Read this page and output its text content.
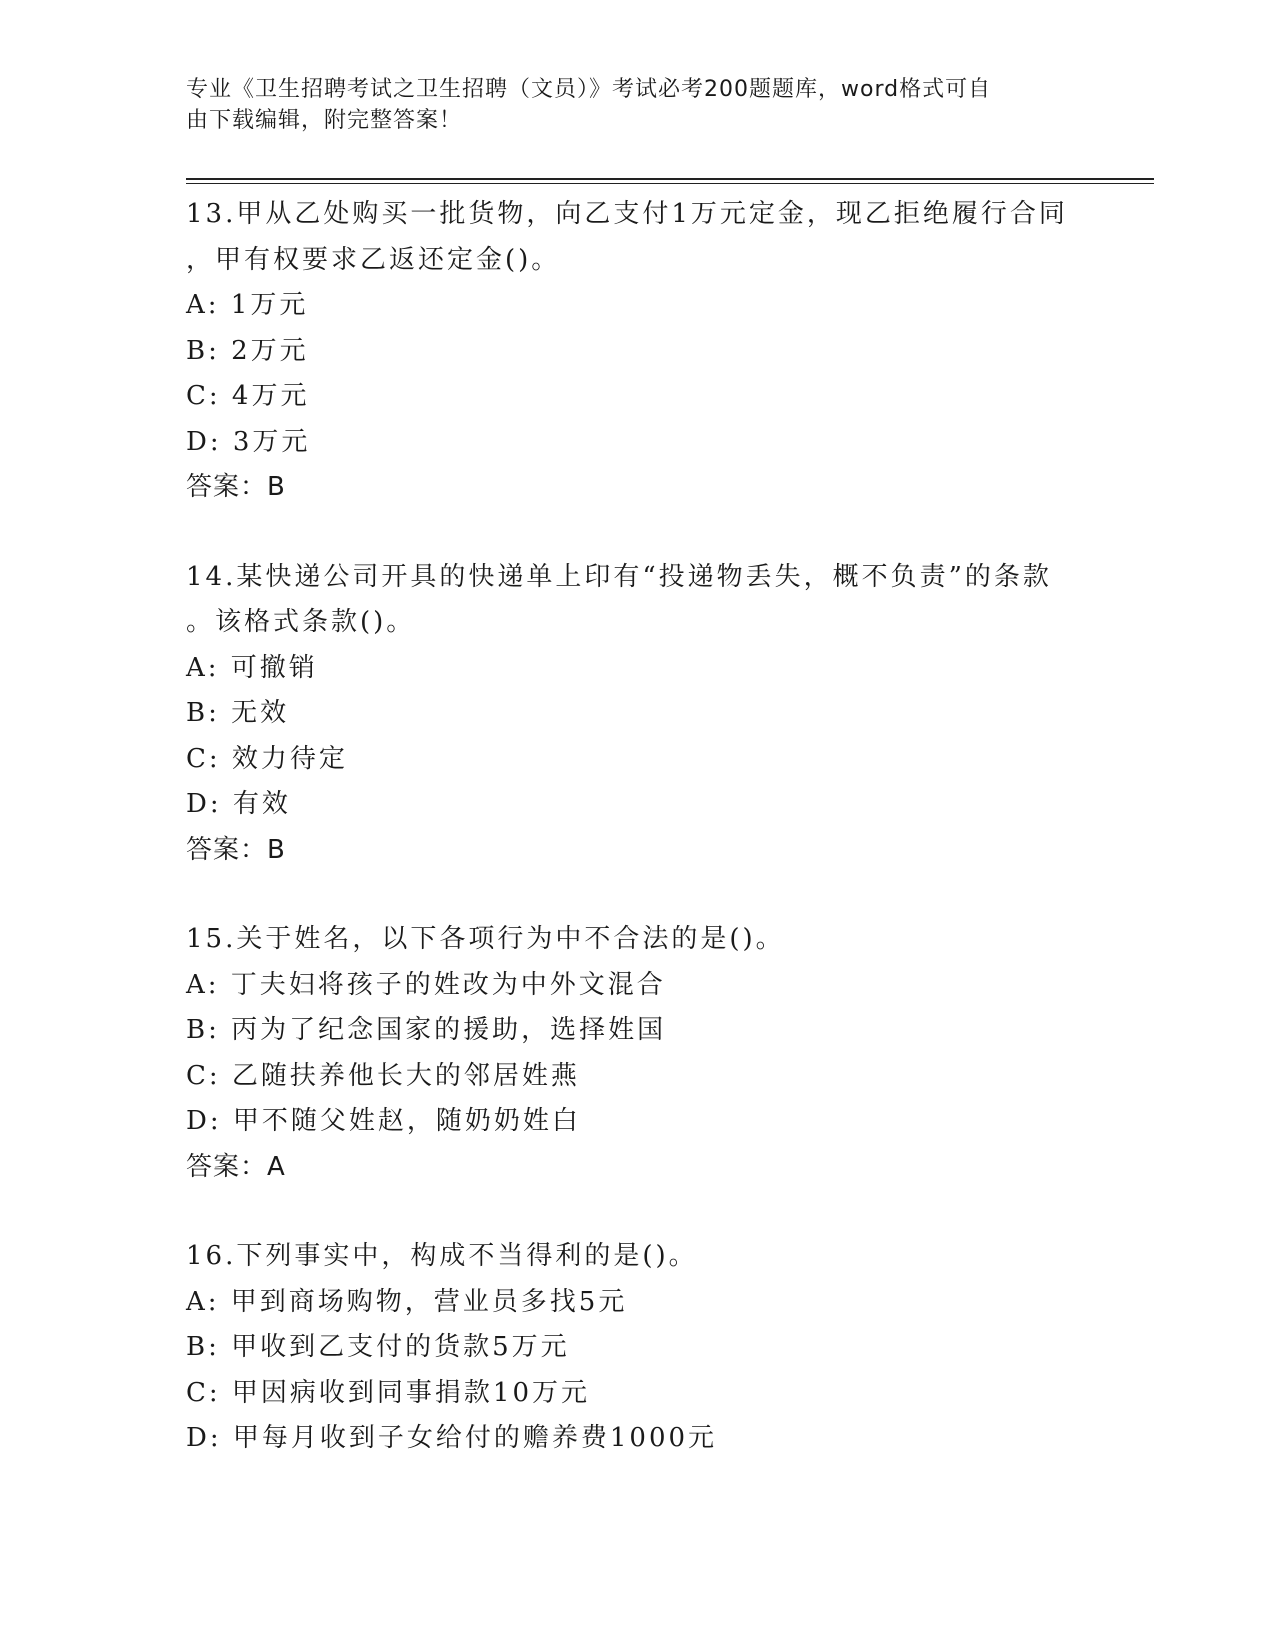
专业《卫生招聘考试之卫生招聘（文员）》考试必考200题题库，word格式可自
由下载编辑，附完整答案！
13.甲从乙处购买一批货物，向乙支付1万元定金，现乙拒绝履行合同
，甲有权要求乙返还定金()。
A: 1万元
B: 2万元
C: 4万元
D: 3万元
答案：B
14.某快递公司开具的快递单上印有“投递物丢失，概不负责”的条款
。该格式条款()。
A: 可撤销
B: 无效
C: 效力待定
D: 有效
答案：B
15.关于姓名，以下各项行为中不合法的是()。
A: 丁夫妇将孩子的姓改为中外文混合
B: 丙为了纪念国家的援助，选择姓国
C: 乙随扶养他长大的邻居姓燕
D: 甲不随父姓赵，随奶奶姓白
答案：A
16.下列事实中，构成不当得利的是()。
A: 甲到商场购物，营业员多找5元
B: 甲收到乙支付的货款5万元
C: 甲因病收到同事捐款10万元
D: 甲每月收到子女给付的赡养费1000元
